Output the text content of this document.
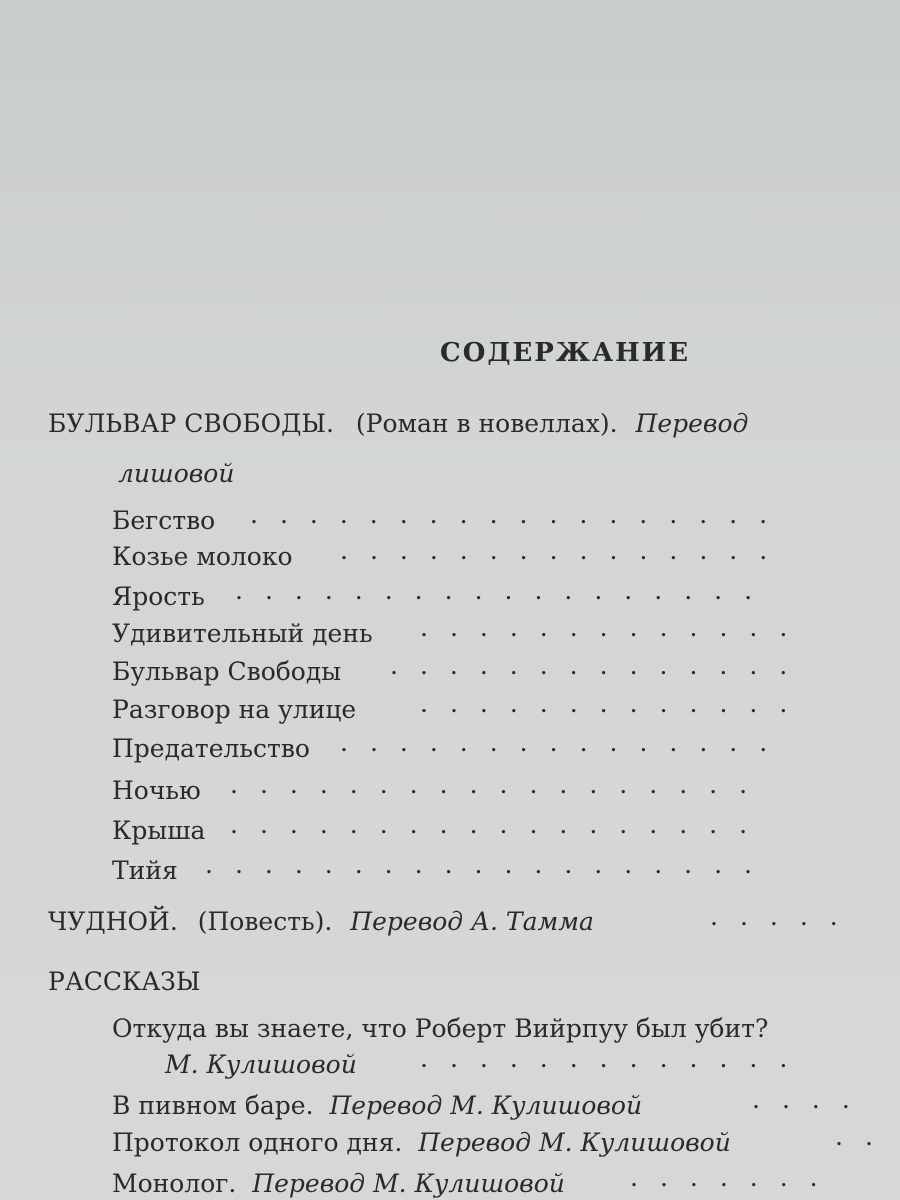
СОДЕРЖАНИЕ
БУЛЬВАР СВОБОДЫ. (Роман в новеллах). Перевод
лишовой
Бегство ..................
Козье молоко ...............
Ярость ..................
Удивительный день .............
Бульвар Свободы ..............
Разговор на улице	.............
Предательство ...............
Ночью ..................
Крыша ..................
Тийя ...................
ЧУДНОЙ. (Повесть). Перевод А. Тамма	.....
РАССКАЗЫ
Откуда вы знаете, что Роберт Вийрпуу был убит?
М. Кулишовой	.............
В пивном баре. Перевод М. Кулишовой	....
Протокол одного дня. Перевод М. Кулишовой	..
Монолог. Перевод М. Кулишовой	.......
